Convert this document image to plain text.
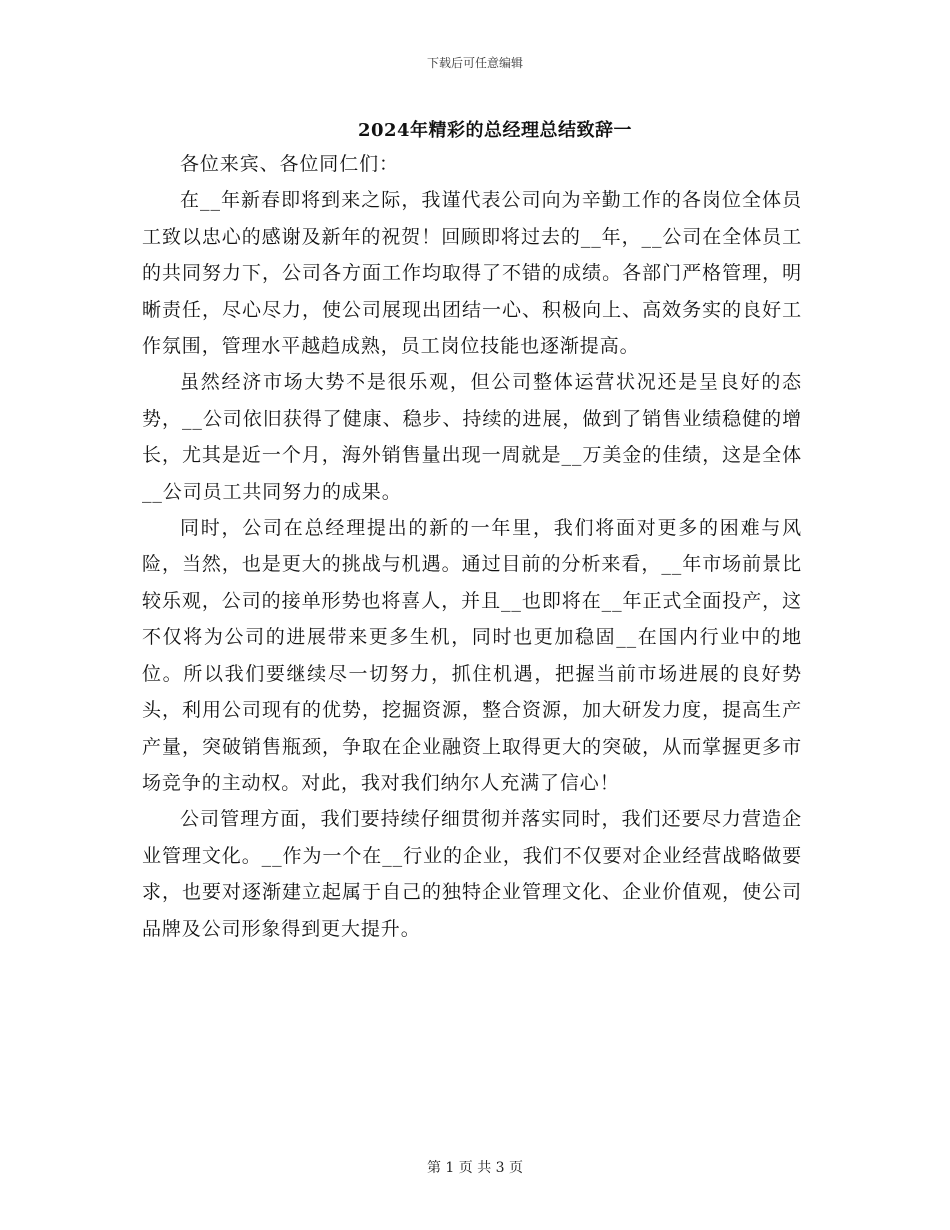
下载后可任意编辑
2024年精彩的总经理总结致辞一

各位来宾、各位同仁们：

在__年新春即将到来之际，我谨代表公司向为辛勤工作的各岗位全体员工致以忠心的感谢及新年的祝贺！回顾即将过去的__年，__公司在全体员工的共同努力下，公司各方面工作均取得了不错的成绩。各部门严格管理，明晰责任，尽心尽力，使公司展现出团结一心、积极向上、高效务实的良好工作氛围，管理水平越趋成熟，员工岗位技能也逐渐提高。

虽然经济市场大势不是很乐观，但公司整体运营状况还是呈良好的态势，__公司依旧获得了健康、稳步、持续的进展，做到了销售业绩稳健的增长，尤其是近一个月，海外销售量出现一周就是__万美金的佳绩，这是全体__公司员工共同努力的成果。

同时，公司在总经理提出的新的一年里，我们将面对更多的困难与风险，当然，也是更大的挑战与机遇。通过目前的分析来看，__年市场前景比较乐观，公司的接单形势也将喜人，并且__也即将在__年正式全面投产，这不仅将为公司的进展带来更多生机，同时也更加稳固__在国内行业中的地位。所以我们要继续尽一切努力，抓住机遇，把握当前市场进展的良好势头，利用公司现有的优势，挖掘资源，整合资源，加大研发力度，提高生产产量，突破销售瓶颈，争取在企业融资上取得更大的突破，从而掌握更多市场竞争的主动权。对此，我对我们纳尔人充满了信心！

公司管理方面，我们要持续仔细贯彻并落实同时，我们还要尽力营造企业管理文化。__作为一个在__行业的企业，我们不仅要对企业经营战略做要求，也要对逐渐建立起属于自己的独特企业管理文化、企业价值观，使公司品牌及公司形象得到更大提升。

第 1 页 共 3 页
